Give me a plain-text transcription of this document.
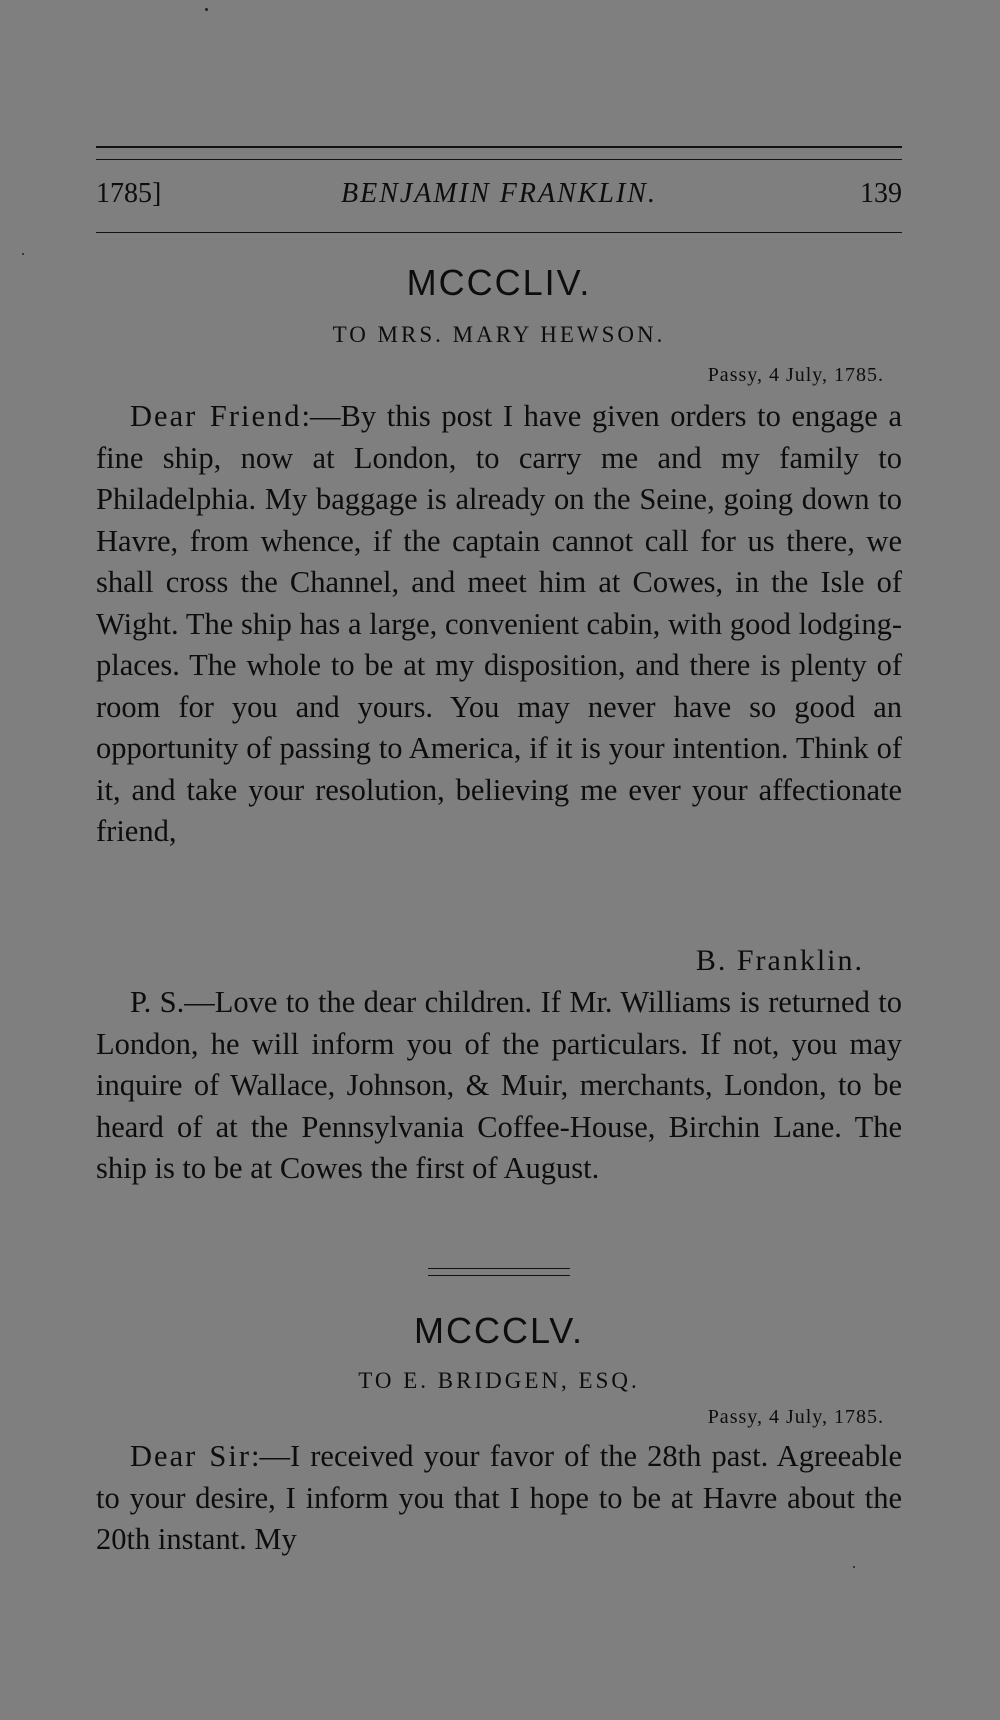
1785]	BENJAMIN FRANKLIN.	139
MCCCLIV.
TO MRS. MARY HEWSON.
Passy, 4 July, 1785.

Dear Friend:—By this post I have given orders to engage a fine ship, now at London, to carry me and my family to Philadelphia. My baggage is already on the Seine, going down to Havre, from whence, if the captain cannot call for us there, we shall cross the Channel, and meet him at Cowes, in the Isle of Wight. The ship has a large, convenient cabin, with good lodging-places. The whole to be at my disposition, and there is plenty of room for you and yours. You may never have so good an opportunity of passing to America, if it is your intention. Think of it, and take your resolution, believing me ever your affectionate friend,

B. Franklin.

P. S.—Love to the dear children. If Mr. Williams is returned to London, he will inform you of the particulars. If not, you may inquire of Wallace, Johnson, & Muir, merchants, London, to be heard of at the Pennsylvania Coffee-House, Birchin Lane. The ship is to be at Cowes the first of August.

MCCCLV.
TO E. BRIDGEN, ESQ.
Passy, 4 July, 1785.

Dear Sir:—I received your favor of the 28th past. Agreeable to your desire, I inform you that I hope to be at Havre about the 20th instant. My
